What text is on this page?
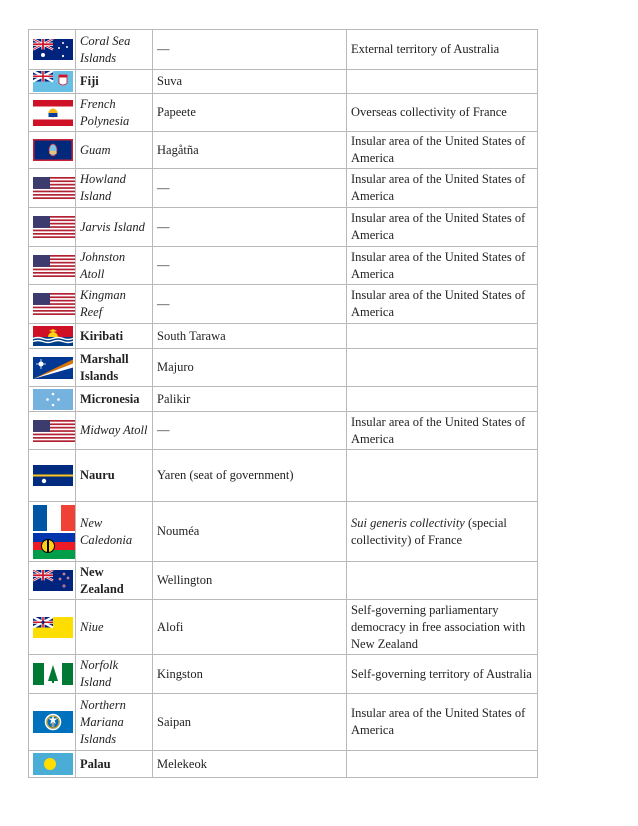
	Coral Sea Islands	—	External territory of Australia

	Fiji	Suva	

	French Polynesia	Papeete	Overseas collectivity of France

	Guam	Hagåtña	Insular area of the United States of America

	Howland Island	—	Insular area of the United States of America

	Jarvis Island	—	Insular area of the United States of America

	Johnston Atoll	—	Insular area of the United States of America

	Kingman Reef	—	Insular area of the United States of America

	Kiribati	South Tarawa	

	Marshall Islands	Majuro	

	Micronesia	Palikir	

	Midway Atoll	—	Insular area of the United States of America

	Nauru	Yaren (seat of government)	

	New Caledonia	Nouméa	Sui generis collectivity (special collectivity) of France

	New Zealand	Wellington	

	Niue	Alofi	Self-governing parliamentary democracy in free association with New Zealand

	Norfolk Island	Kingston	Self-governing territory of Australia

	Northern Mariana Islands	Saipan	Insular area of the United States of America

	Palau	Melekeok	
